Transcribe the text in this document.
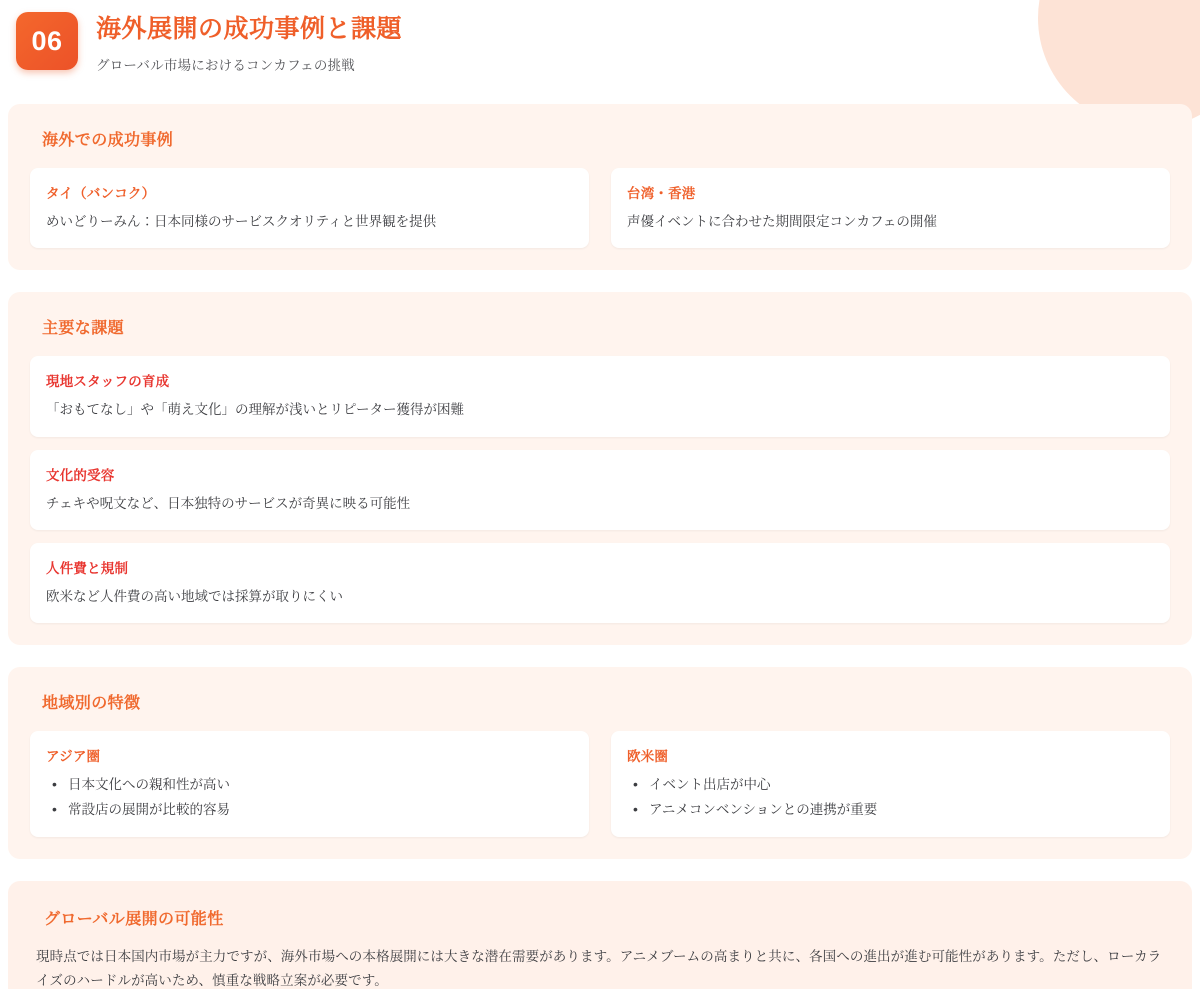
06	海外展開の成功事例と課題
グローバル市場におけるコンカフェの挑戦
海外での成功事例
タイ（バンコク）
めいどりーみん：日本同様のサービスクオリティと世界観を提供
台湾・香港
声優イベントに合わせた期間限定コンカフェの開催
主要な課題
現地スタッフの育成
「おもてなし」や「萌え文化」の理解が浅いとリピーター獲得が困難
文化的受容
チェキや呪文など、日本独特のサービスが奇異に映る可能性
人件費と規制
欧米など人件費の高い地域では採算が取りにくい
地域別の特徴
アジア圏
• 日本文化への親和性が高い
• 常設店の展開が比較的容易
欧米圏
• イベント出店が中心
• アニメコンベンションとの連携が重要
グローバル展開の可能性
現時点では日本国内市場が主力ですが、海外市場への本格展開には大きな潜在需要があります。アニメブームの高まりと共に、各国への進出が進む可能性があります。ただし、ローカライズのハードルが高いため、慎重な戦略立案が必要です。
